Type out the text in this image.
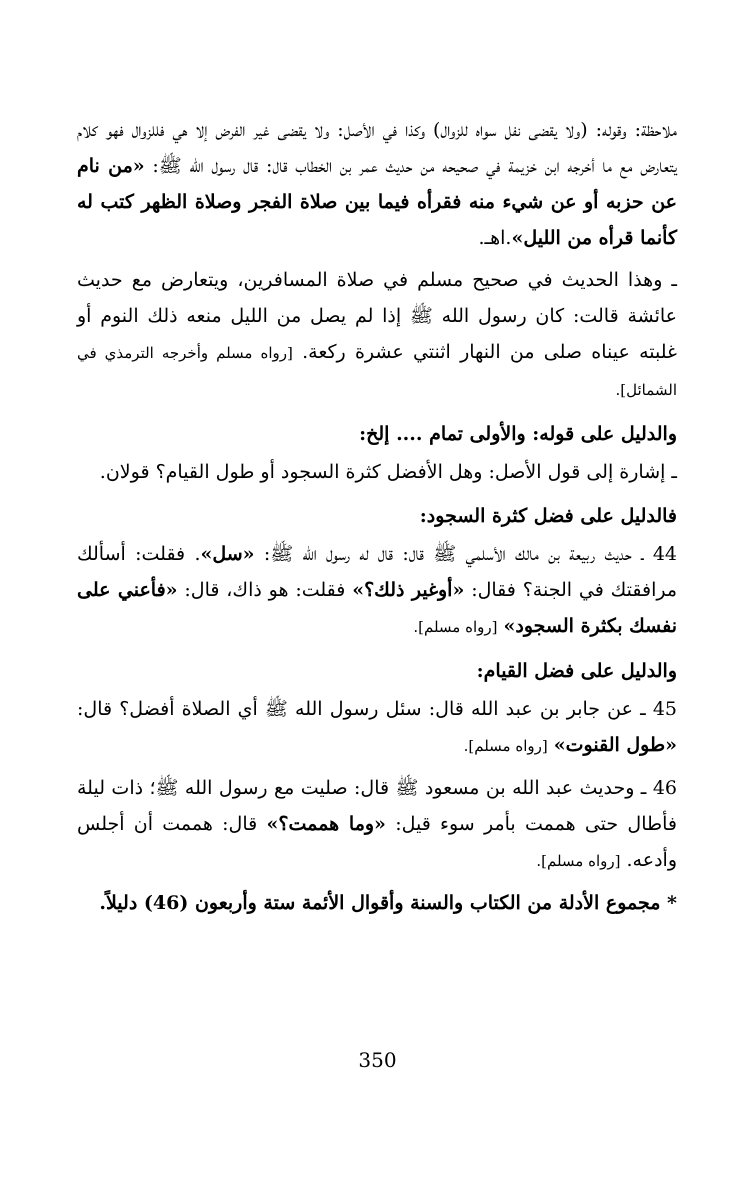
ملاحظة: وقوله: (ولا يقضى نفل سواه للزوال) وكذا في الأصل: ولا يقضى غير الفرض إلا هي فللزوال فهو كلام يتعارض مع ما أخرجه ابن خزيمة في صحيحه من حديث عمر بن الخطاب قال: قال رسول الله ﷺ: «من نام عن حزبه أو عن شيء منه فقرأه فيما بين صلاة الفجر وصلاة الظهر كتب له كأنما قرأه من الليل».اهـ.

ـ وهذا الحديث في صحيح مسلم في صلاة المسافرين، ويتعارض مع حديث عائشة قالت: كان رسول الله ﷺ إذا لم يصل من الليل منعه ذلك النوم أو غلبته عيناه صلى من النهار اثنتي عشرة ركعة. [رواه مسلم وأخرجه الترمذي في الشمائل].

والدليل على قوله: والأولى تمام .... إلخ:

ـ إشارة إلى قول الأصل: وهل الأفضل كثرة السجود أو طول القيام؟ قولان.

فالدليل على فضل كثرة السجود:

44 ـ حديث ربيعة بن مالك الأسلمي ﷺ قال: قال له رسول الله ﷺ: «سل». فقلت: أسألك مرافقتك في الجنة؟ فقال: «أوغير ذلك؟» فقلت: هو ذاك، قال: «فأعني على نفسك بكثرة السجود» [رواه مسلم].

والدليل على فضل القيام:

45 ـ عن جابر بن عبد الله قال: سئل رسول الله ﷺ أي الصلاة أفضل؟ قال: «طول القنوت» [رواه مسلم].

46 ـ وحديث عبد الله بن مسعود ﷺ قال: صليت مع رسول الله ﷺ؛ ذات ليلة فأطال حتى هممت بأمر سوء قيل: «وما هممت؟» قال: هممت أن أجلس وأدعه. [رواه مسلم].

* مجموع الأدلة من الكتاب والسنة وأقوال الأئمة ستة وأربعون (46) دليلاً.

350
